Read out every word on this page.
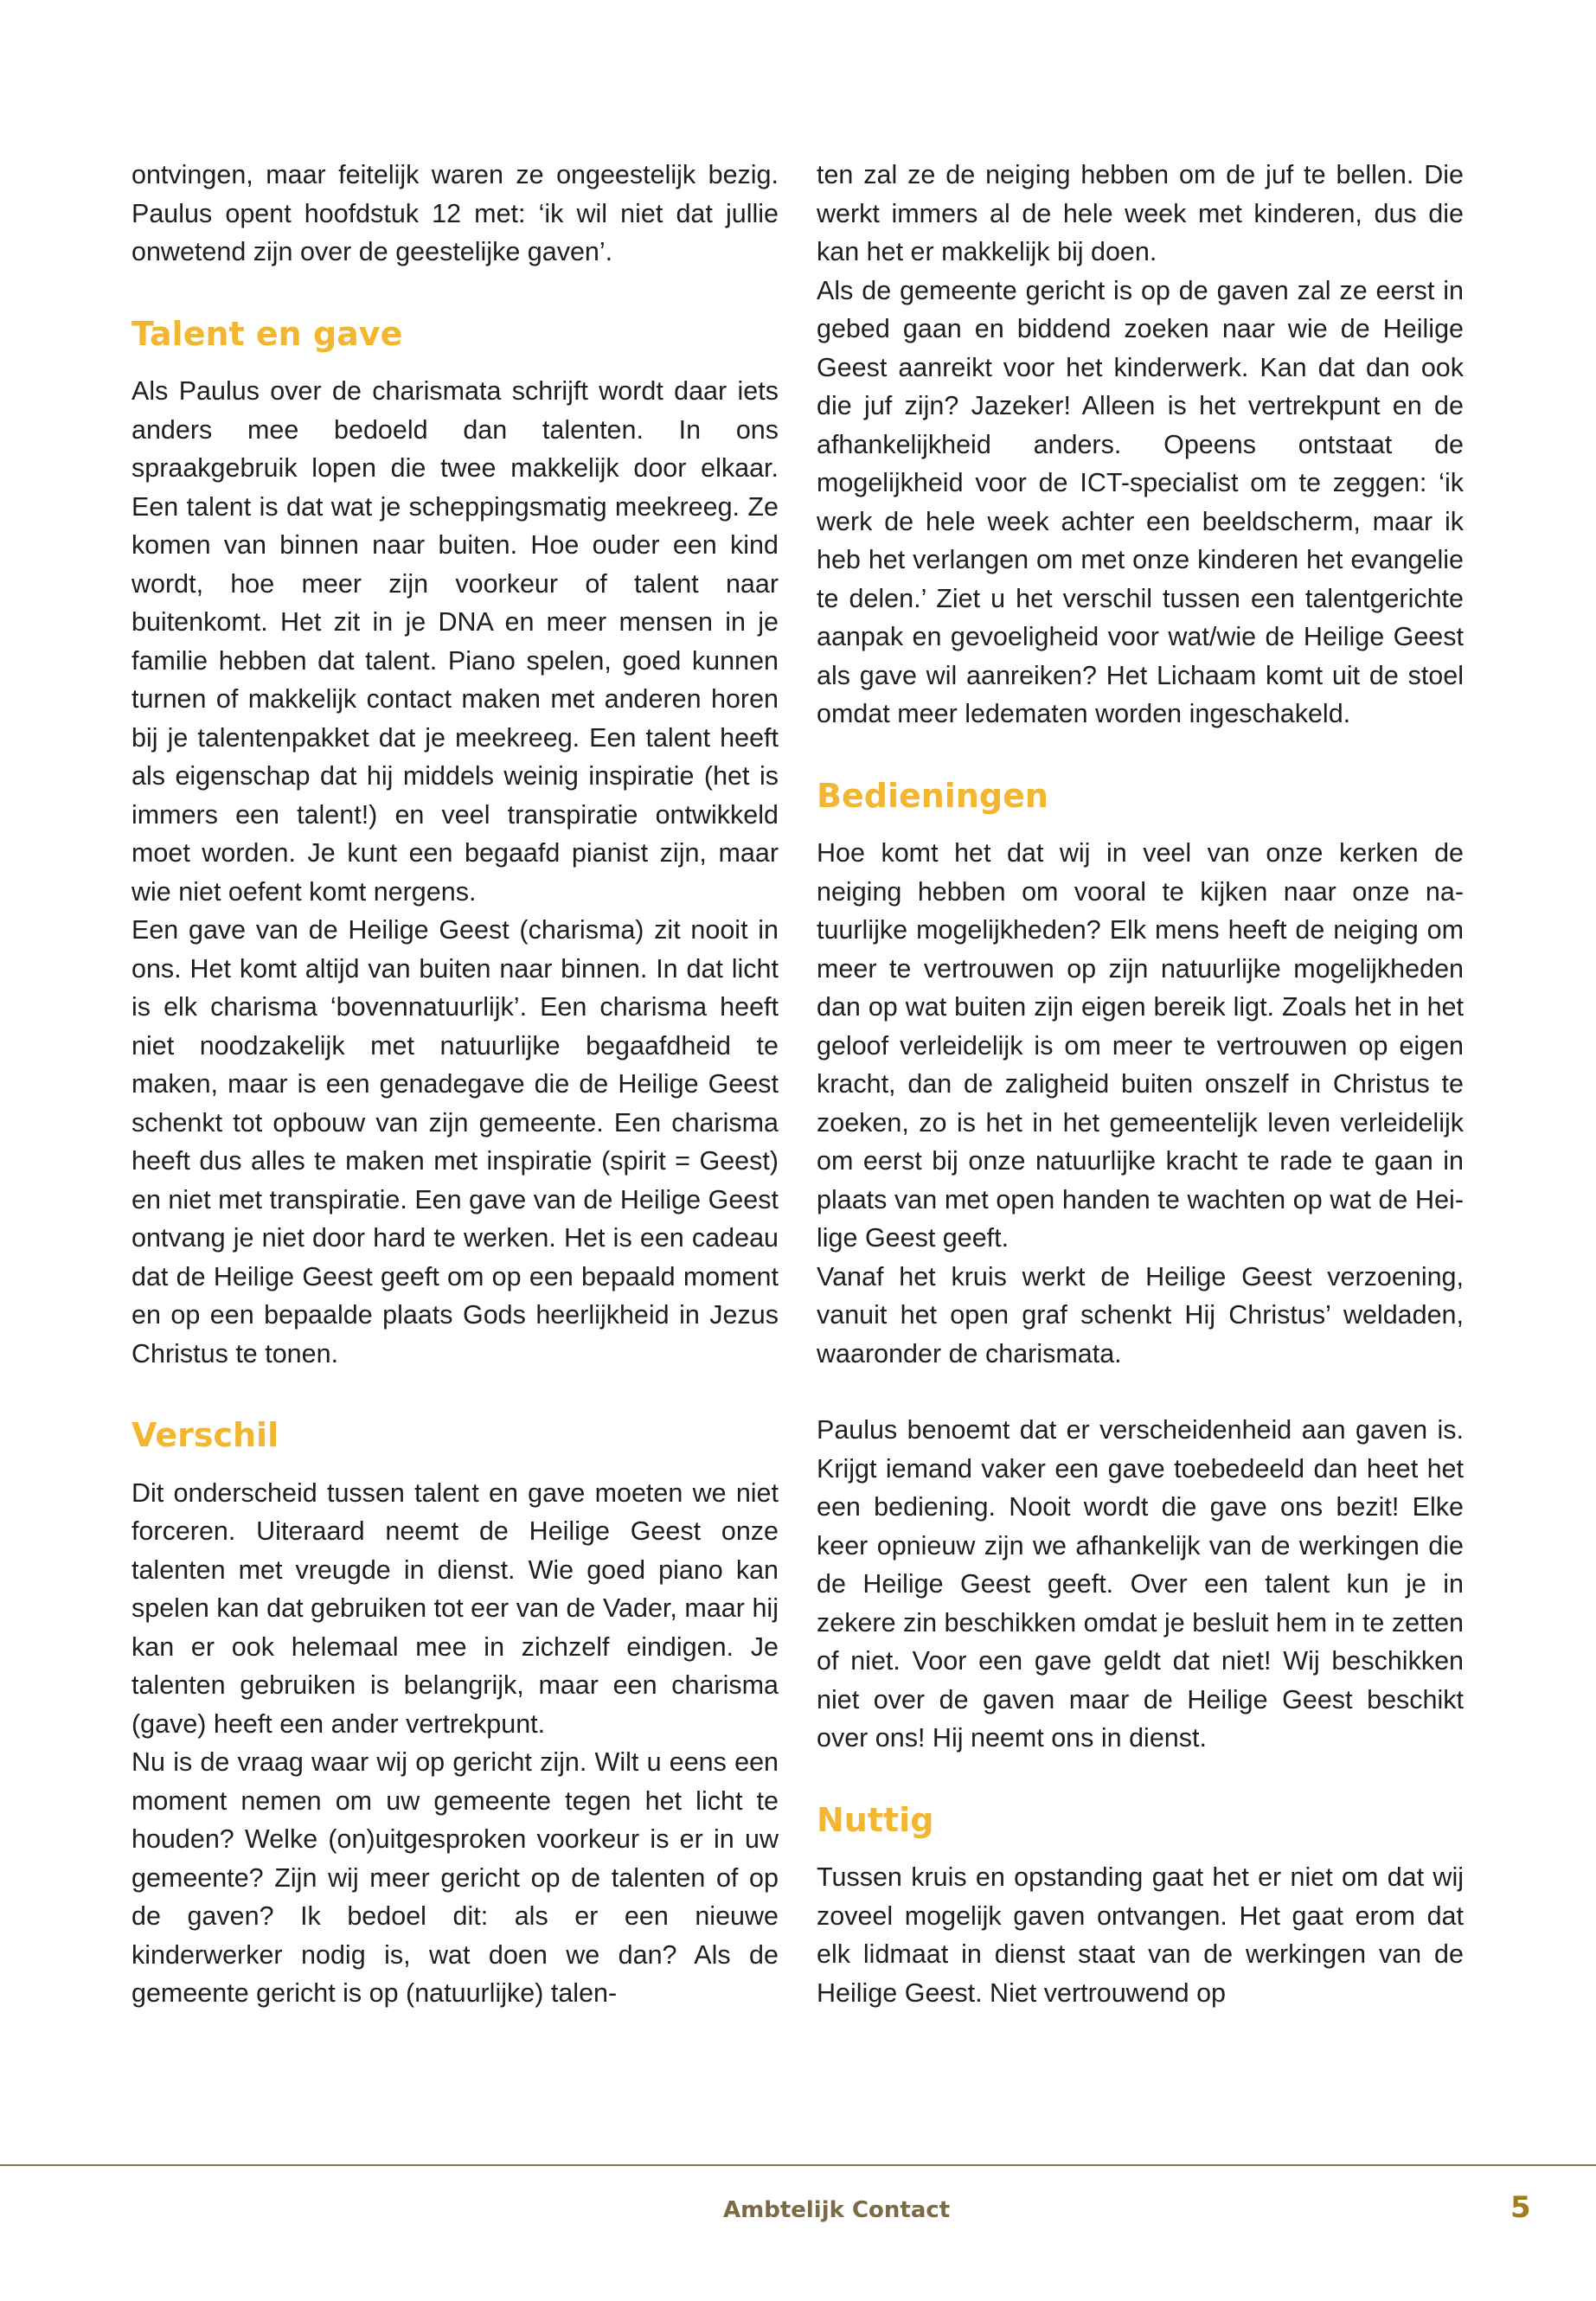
ontvingen, maar feitelijk waren ze ongeestelijk bezig. Paulus opent hoofdstuk 12 met: ‘ik wil niet dat jullie onwetend zijn over de geestelijke gaven’.

Talent en gave

Als Paulus over de charismata schrijft wordt daar iets anders mee bedoeld dan talenten. In ons spraakgebruik lopen die twee makkelijk door elkaar. Een talent is dat wat je scheppingsmatig meekreeg. Ze komen van binnen naar buiten. Hoe ouder een kind wordt, hoe meer zijn voorkeur of talent naar buitenkomt. Het zit in je DNA en meer mensen in je familie hebben dat talent. Piano spelen, goed kunnen turnen of makkelijk contact maken met anderen horen bij je talentenpakket dat je meekreeg. Een talent heeft als eigenschap dat hij middels weinig inspiratie (het is immers een talent!) en veel transpiratie ontwikkeld moet worden. Je kunt een begaafd pianist zijn, maar wie niet oefent komt nergens.

Een gave van de Heilige Geest (charisma) zit nooit in ons. Het komt altijd van buiten naar binnen. In dat licht is elk charisma ‘bovennatuurlijk’. Een charisma heeft niet noodzakelijk met natuurlijke begaafdheid te maken, maar is een genadegave die de Heilige Geest schenkt tot opbouw van zijn gemeente. Een charisma heeft dus alles te maken met inspiratie (spirit = Geest) en niet met transpiratie. Een gave van de Heilige Geest ontvang je niet door hard te werken. Het is een cadeau dat de Heilige Geest geeft om op een bepaald moment en op een bepaalde plaats Gods heerlijkheid in Jezus Christus te tonen.

Verschil

Dit onderscheid tussen talent en gave moeten we niet forceren. Uiteraard neemt de Heilige Geest onze talenten met vreugde in dienst. Wie goed piano kan spelen kan dat gebruiken tot eer van de Vader, maar hij kan er ook helemaal mee in zichzelf eindigen. Je talenten gebruiken is belangrijk, maar een charisma (gave) heeft een ander vertrekpunt.

Nu is de vraag waar wij op gericht zijn. Wilt u eens een moment nemen om uw gemeente tegen het licht te houden? Welke (on)uitgesproken voorkeur is er in uw gemeente? Zijn wij meer gericht op de talenten of op de gaven? Ik bedoel dit: als er een nieuwe kinderwerker nodig is, wat doen we dan? Als de gemeente gericht is op (natuurlijke) talen-

ten zal ze de neiging hebben om de juf te bellen. Die werkt immers al de hele week met kinderen, dus die kan het er makkelijk bij doen.

Als de gemeente gericht is op de gaven zal ze eerst in gebed gaan en biddend zoeken naar wie de Heilige Geest aanreikt voor het kinderwerk. Kan dat dan ook die juf zijn? Jazeker! Alleen is het vertrekpunt en de afhankelijkheid anders. Opeens ontstaat de mogelijkheid voor de ICT-specialist om te zeggen: ‘ik werk de hele week achter een beeldscherm, maar ik heb het verlangen om met onze kinderen het evangelie te delen.’ Ziet u het verschil tussen een talentgerichte aanpak en gevoeligheid voor wat/wie de Heilige Geest als gave wil aanreiken? Het Lichaam komt uit de stoel omdat meer ledematen worden ingeschakeld.

Bedieningen

Hoe komt het dat wij in veel van onze kerken de neiging hebben om vooral te kijken naar onze natuurlijke mogelijkheden? Elk mens heeft de neiging om meer te vertrouwen op zijn natuurlijke mogelijkheden dan op wat buiten zijn eigen bereik ligt. Zoals het in het geloof verleidelijk is om meer te vertrouwen op eigen kracht, dan de zaligheid buiten onszelf in Christus te zoeken, zo is het in het gemeentelijk leven verleidelijk om eerst bij onze natuurlijke kracht te rade te gaan in plaats van met open handen te wachten op wat de Heilige Geest geeft.

Vanaf het kruis werkt de Heilige Geest verzoening, vanuit het open graf schenkt Hij Christus’ weldaden, waaronder de charismata.

Paulus benoemt dat er verscheidenheid aan gaven is. Krijgt iemand vaker een gave toebedeeld dan heet het een bediening. Nooit wordt die gave ons bezit! Elke keer opnieuw zijn we afhankelijk van de werkingen die de Heilige Geest geeft. Over een talent kun je in zekere zin beschikken omdat je besluit hem in te zetten of niet. Voor een gave geldt dat niet! Wij beschikken niet over de gaven maar de Heilige Geest beschikt over ons! Hij neemt ons in dienst.

Nuttig

Tussen kruis en opstanding gaat het er niet om dat wij zoveel mogelijk gaven ontvangen. Het gaat erom dat elk lidmaat in dienst staat van de werkingen van de Heilige Geest. Niet vertrouwend op

Ambtelijk Contact	5
